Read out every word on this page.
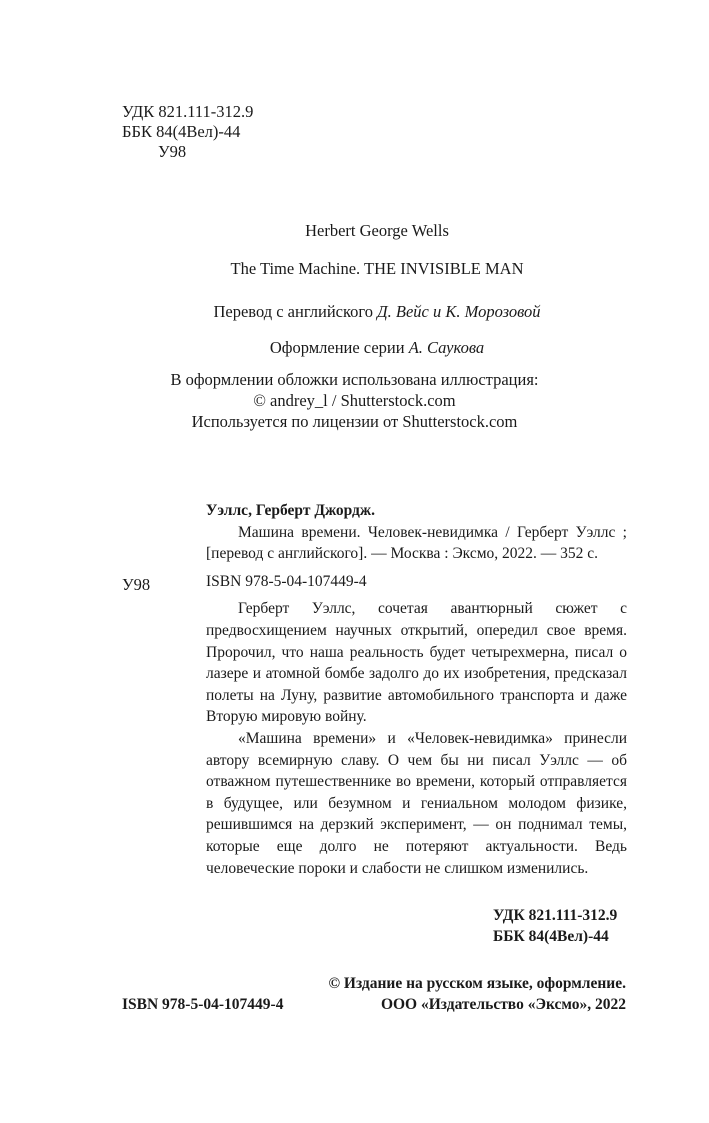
УДК 821.111-312.9
ББК 84(4Вел)-44
У98
Herbert George Wells
The Time Machine. THE INVISIBLE MAN
Перевод с английского Д. Вейс и К. Морозовой
Оформление серии А. Саукова
В оформлении обложки использована иллюстрация:
© andrey_l / Shutterstock.com
Используется по лицензии от Shutterstock.com
У98

Уэллс, Герберт Джордж.

Машина времени. Человек-невидимка / Герберт Уэллс ; [перевод с английского]. — Москва : Эксмо, 2022. — 352 с.

ISBN 978-5-04-107449-4

Герберт Уэллс, сочетая авантюрный сюжет с предвосхищением научных открытий, опередил свое время. Пророчил, что наша реальность будет четырехмерна, писал о лазере и атомной бомбе задолго до их изобретения, предсказал полеты на Луну, развитие автомобильного транспорта и даже Вторую мировую войну.

«Машина времени» и «Человек-невидимка» принесли автору всемирную славу. О чем бы ни писал Уэллс — об отважном путешественнике во времени, который отправляется в будущее, или безумном и гениальном молодом физике, решившимся на дерзкий эксперимент, — он поднимал темы, которые еще долго не потеряют актуальности. Ведь человеческие пороки и слабости не слишком изменились.

УДК 821.111-312.9
ББК 84(4Вел)-44
© Издание на русском языке, оформление.
ООО «Издательство «Эксмо», 2022
ISBN 978-5-04-107449-4
